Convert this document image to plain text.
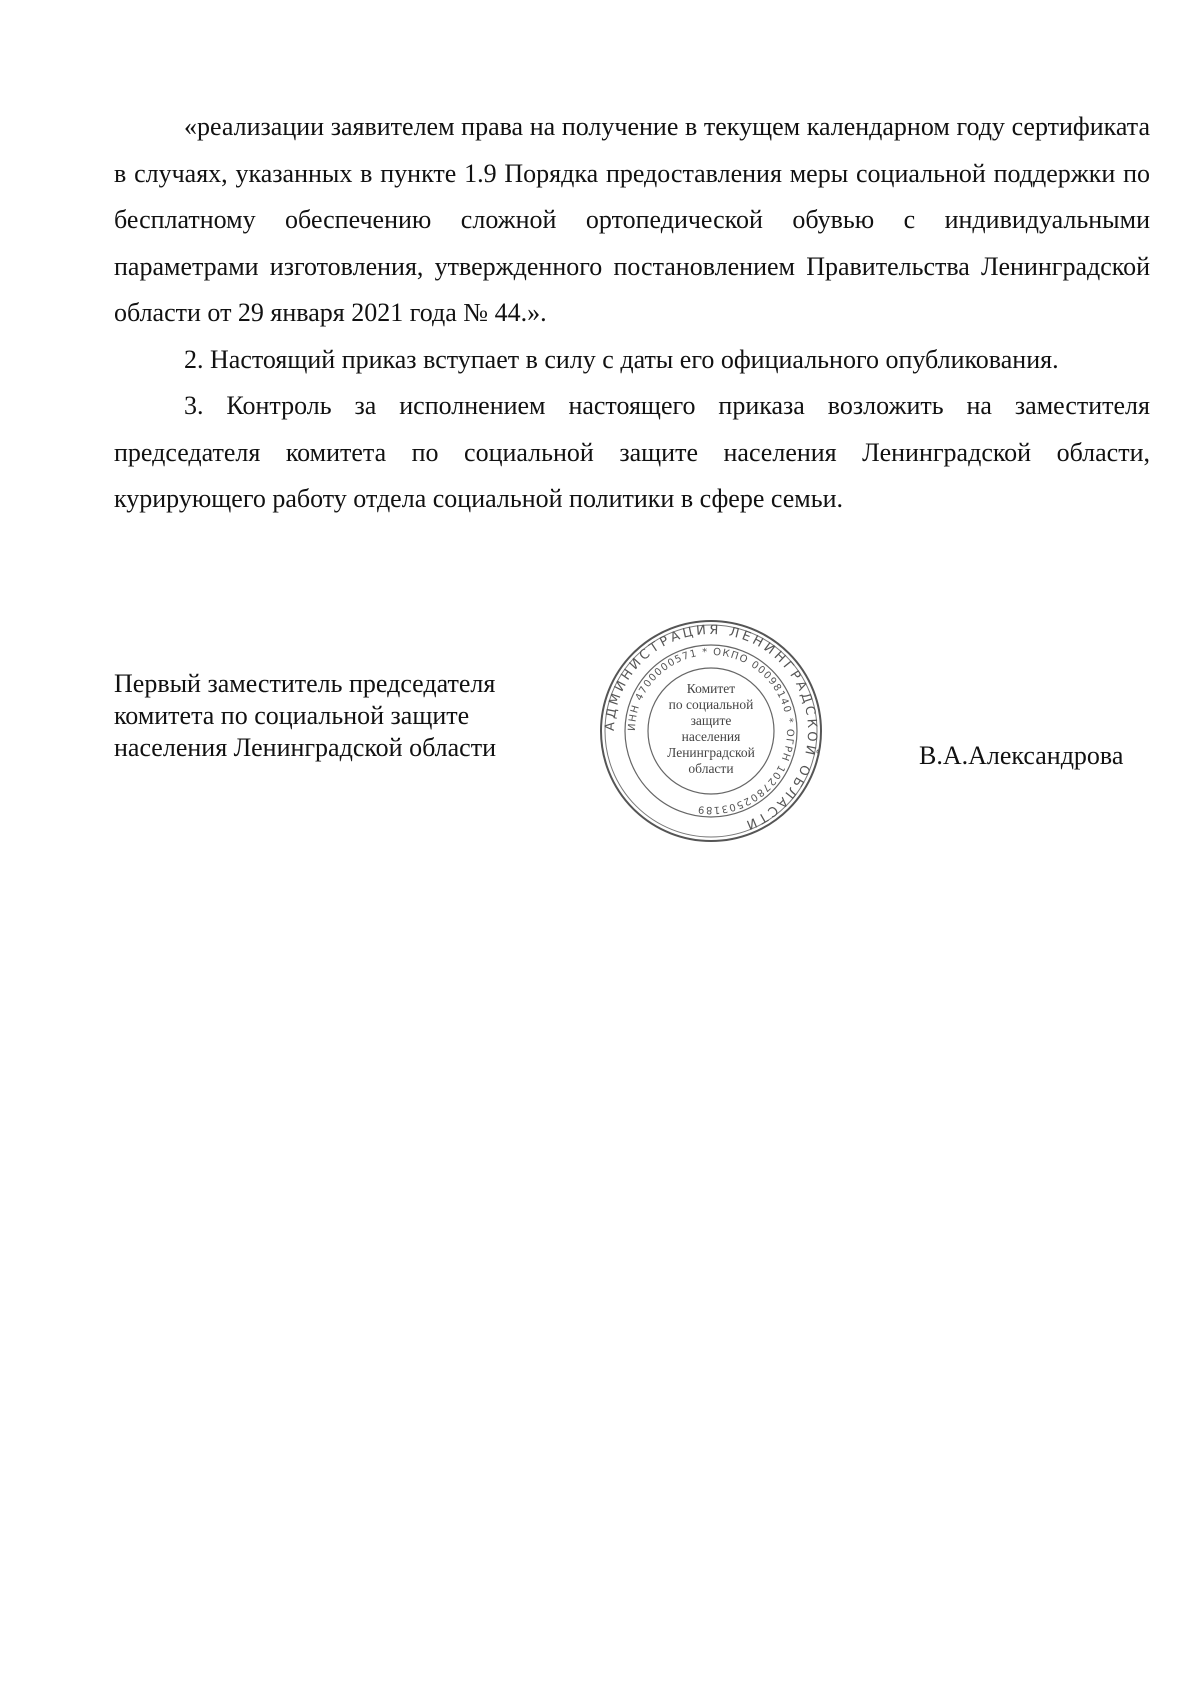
«реализации заявителем права на получение в текущем календарном году сертификата в случаях, указанных в пункте 1.9 Порядка предоставления меры социальной поддержки по бесплатному обеспечению сложной ортопедической обувью с индивидуальными параметрами изготовления, утвержденного постановлением Правительства Ленинградской области от 29 января 2021 года № 44.».

2. Настоящий приказ вступает в силу с даты его официального опубликования.

3. Контроль за исполнением настоящего приказа возложить на заместителя председателя комитета по социальной защите населения Ленинградской области, курирующего работу отдела социальной политики в сфере семьи.

Первый заместитель председателя
комитета по социальной защите
населения Ленинградской области
АДМИНИСТРАЦИЯ ЛЕНИНГРАДСКОЙ ОБЛАСТИ
ИНН 4700000571 * ОКПО 00098140 * ОГРН 1027802503189
Комитет
по социальной
защите
населения
Ленинградской
области	В.А.Александрова
